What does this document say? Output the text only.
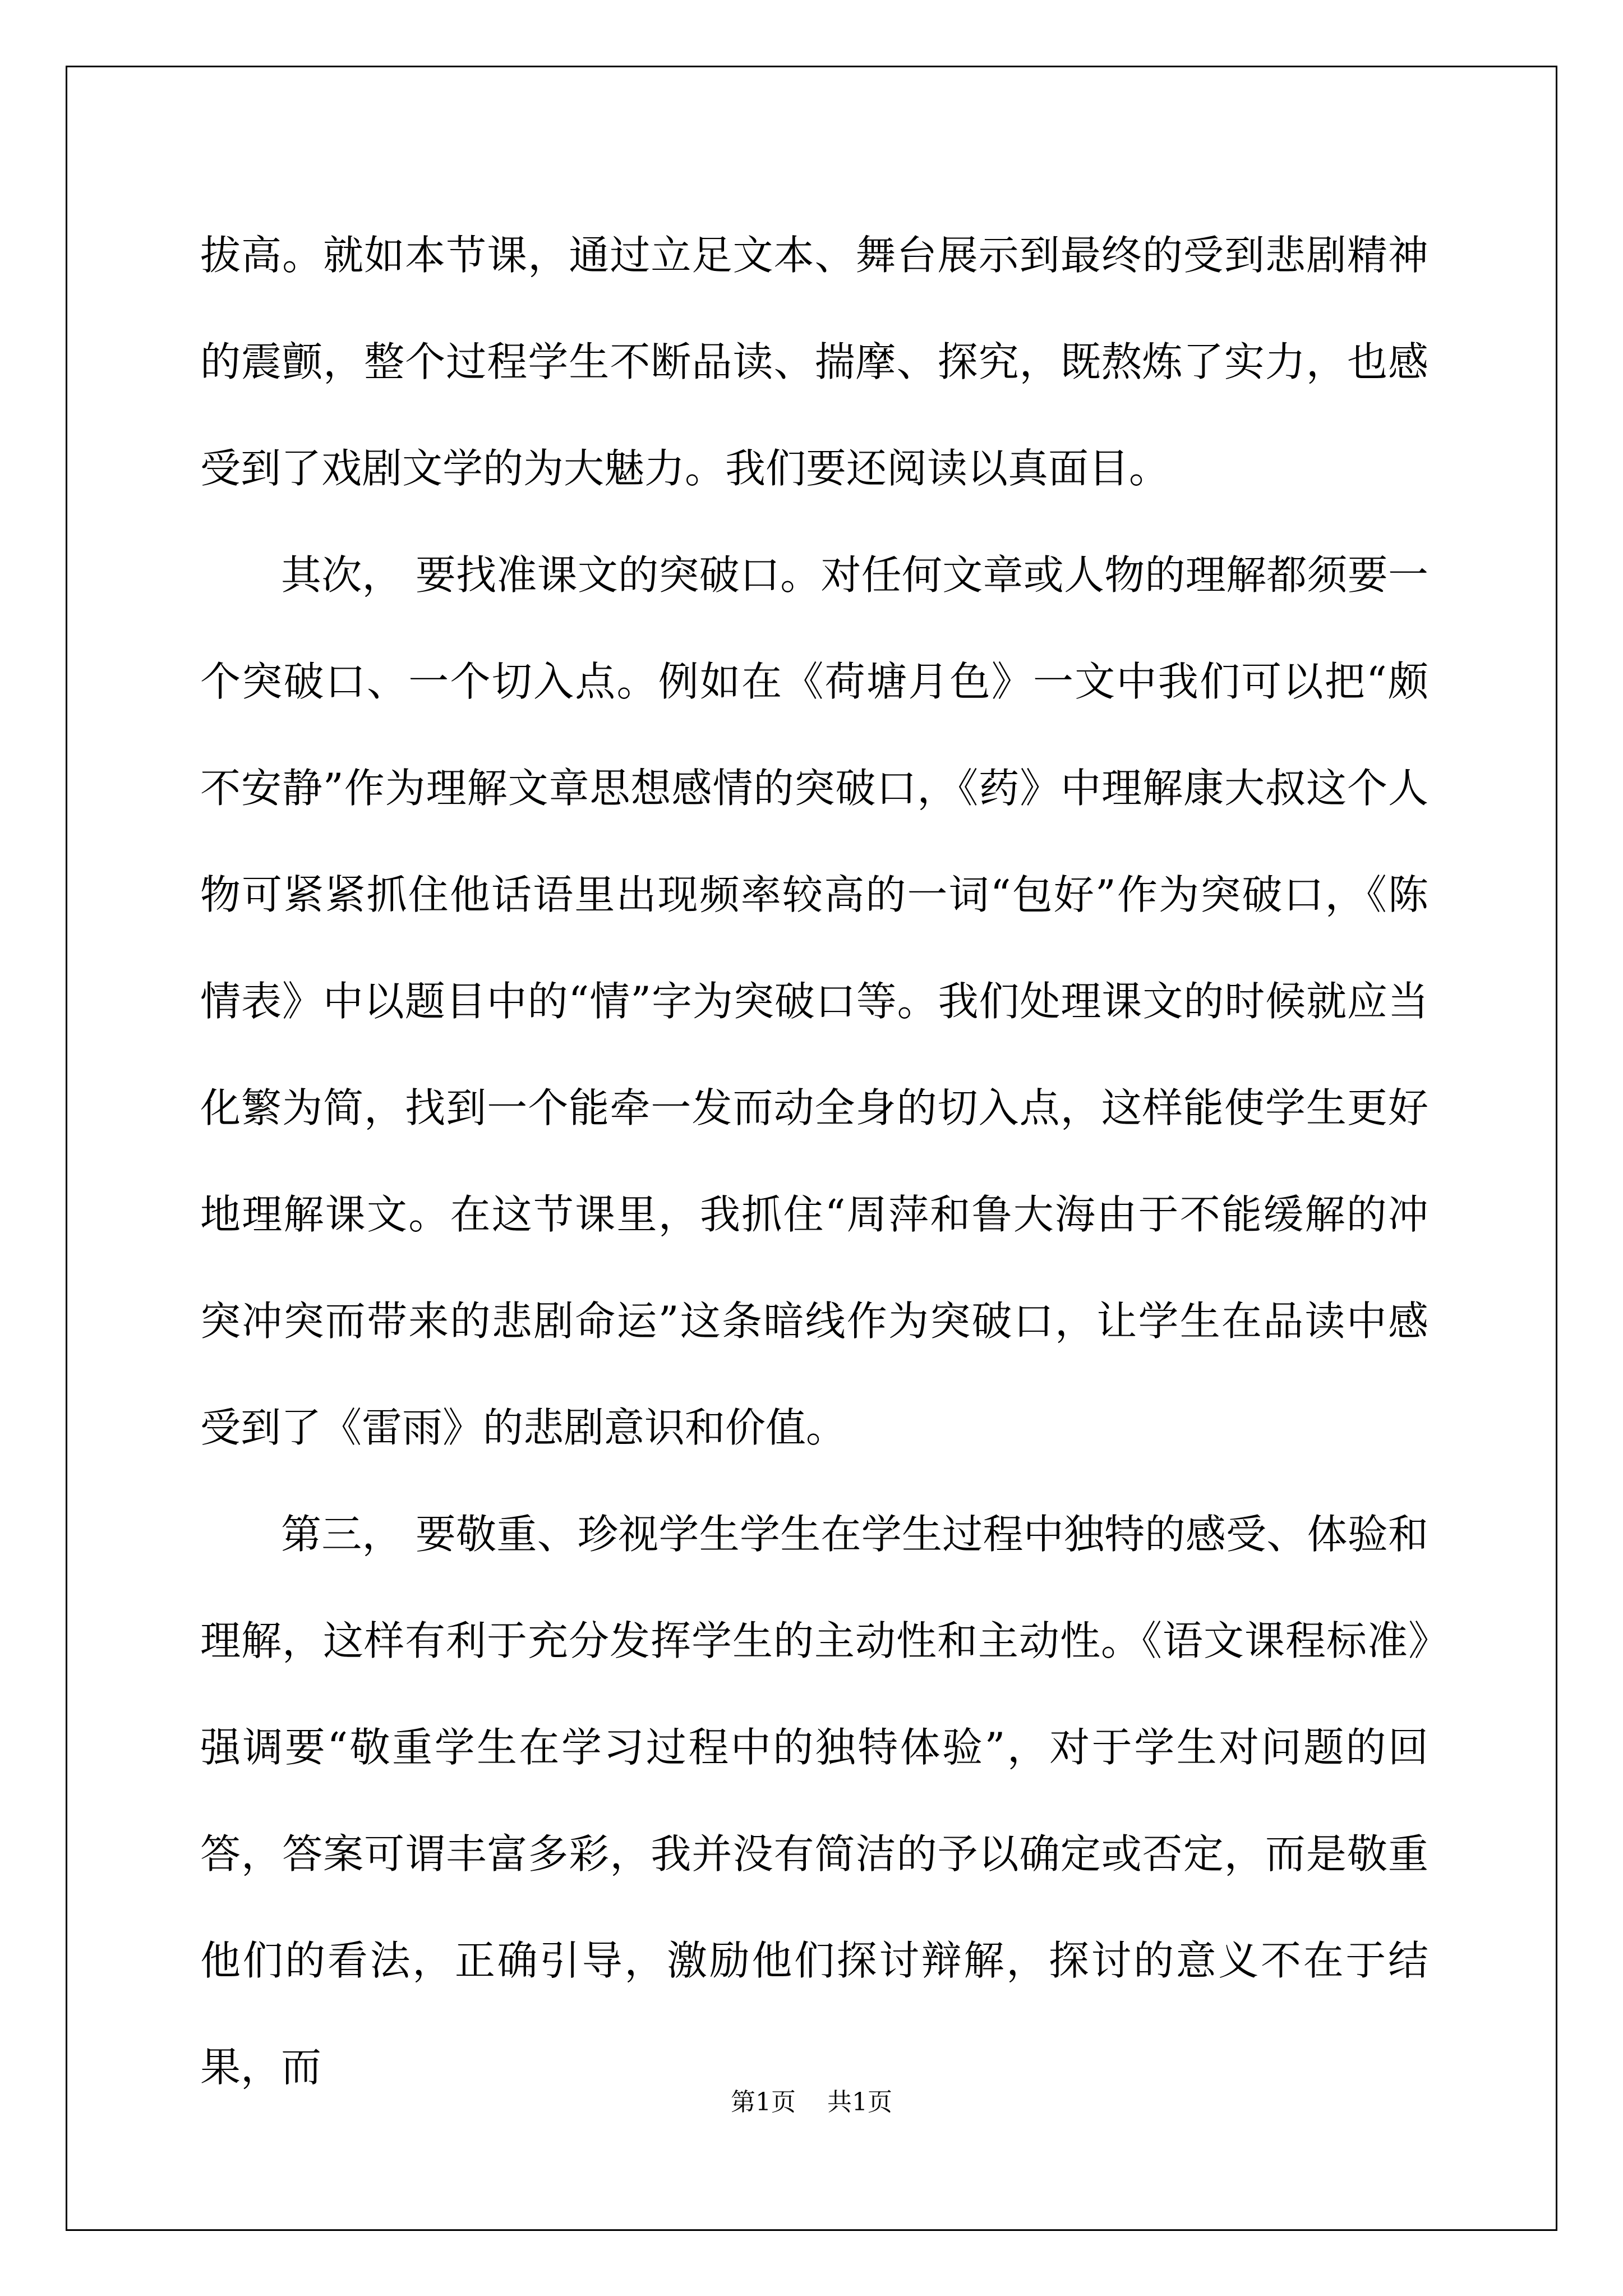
拔高。就如本节课，通过立足文本、舞台展示到最终的受到悲剧精神的震颤，整个过程学生不断品读、揣摩、探究，既熬炼了实力，也感受到了戏剧文学的为大魅力。我们要还阅读以真面目。

其次， 要找准课文的突破口。对任何文章或人物的理解都须要一个突破口、一个切入点。例如在《荷塘月色》一文中我们可以把“颇不安静”作为理解文章思想感情的突破口，《药》中理解康大叔这个人物可紧紧抓住他话语里出现频率较高的一词“包好”作为突破口，《陈情表》中以题目中的“情”字为突破口等。我们处理课文的时候就应当化繁为简，找到一个能牵一发而动全身的切入点，这样能使学生更好地理解课文。在这节课里，我抓住“周萍和鲁大海由于不能缓解的冲突冲突而带来的悲剧命运”这条暗线作为突破口，让学生在品读中感受到了《雷雨》的悲剧意识和价值。

第三， 要敬重、珍视学生学生在学生过程中独特的感受、体验和理解，这样有利于充分发挥学生的主动性和主动性。《语文课程标准》强调要“敬重学生在学习过程中的独特体验”，对于学生对问题的回答，答案可谓丰富多彩，我并没有简洁的予以确定或否定，而是敬重他们的看法，正确引导，激励他们探讨辩解，探讨的意义不在于结果，而

第1页 共1页
